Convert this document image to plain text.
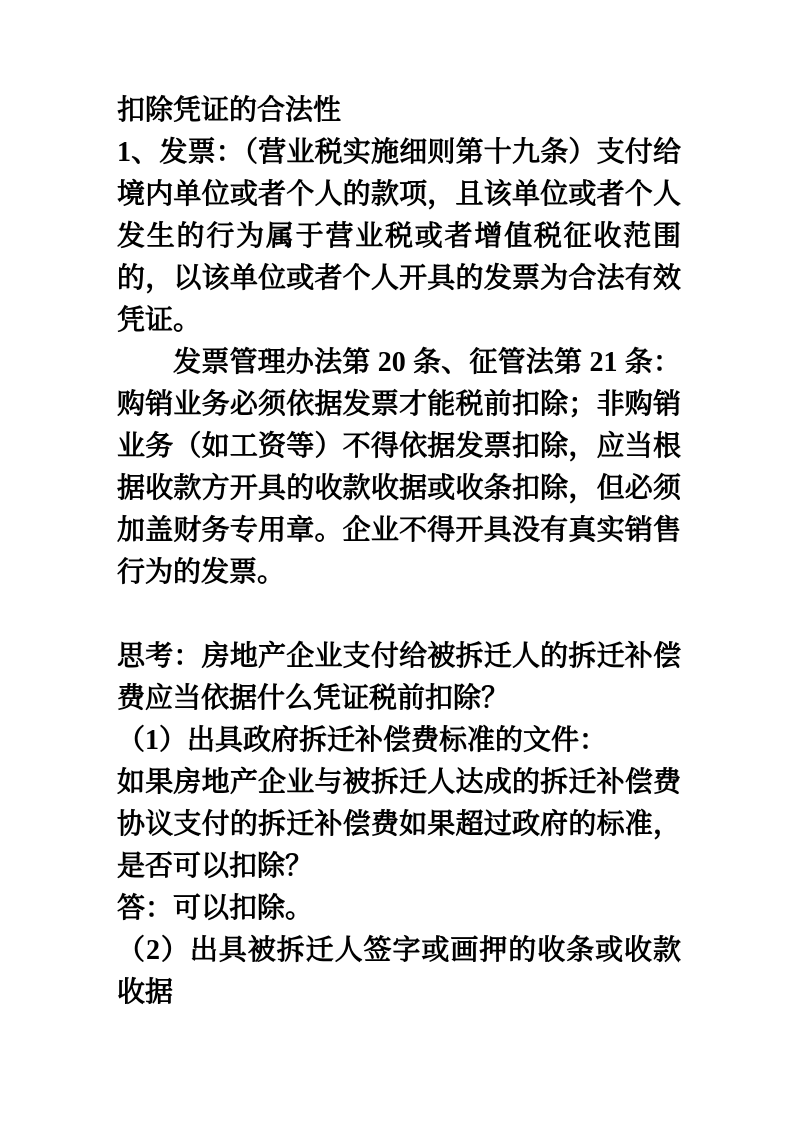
扣除凭证的合法性

1、发票：（营业税实施细则第十九条）支付给境内单位或者个人的款项，且该单位或者个人发生的行为属于营业税或者增值税征收范围的，以该单位或者个人开具的发票为合法有效凭证。

发票管理办法第 20 条、征管法第 21 条：购销业务必须依据发票才能税前扣除；非购销业务（如工资等）不得依据发票扣除，应当根据收款方开具的收款收据或收条扣除，但必须加盖财务专用章。企业不得开具没有真实销售行为的发票。

思考：房地产企业支付给被拆迁人的拆迁补偿费应当依据什么凭证税前扣除？

（1）出具政府拆迁补偿费标准的文件：

如果房地产企业与被拆迁人达成的拆迁补偿费协议支付的拆迁补偿费如果超过政府的标准，是否可以扣除？

答：可以扣除。

（2）出具被拆迁人签字或画押的收条或收款收据
